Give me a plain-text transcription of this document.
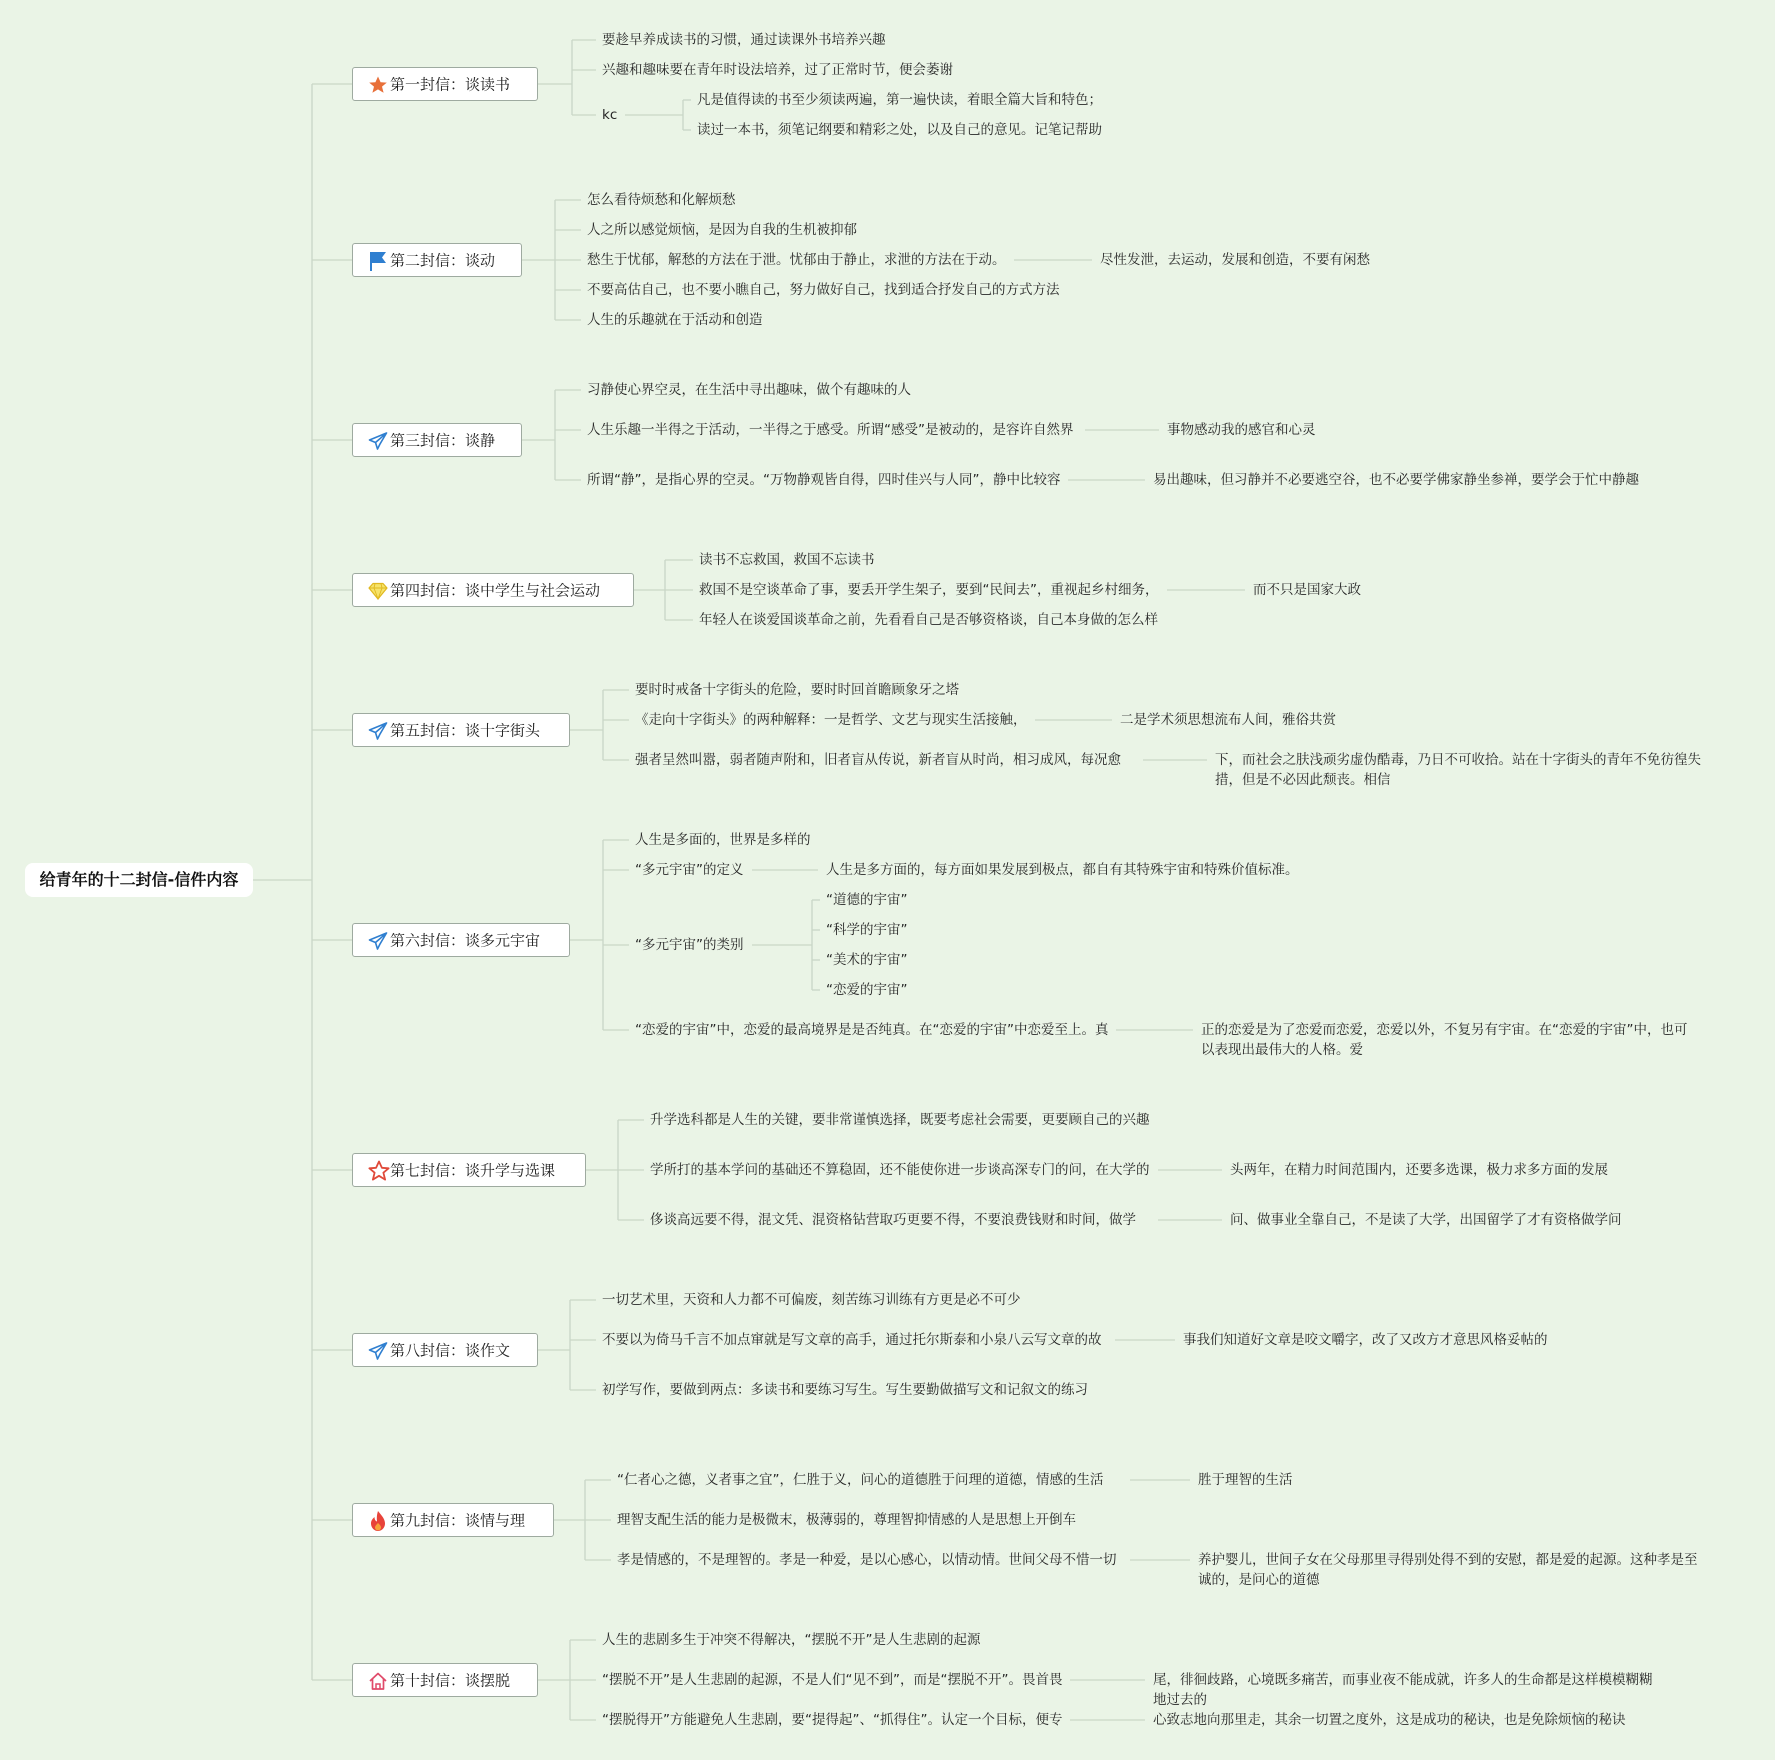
给青年的十二封信-信件内容
第一封信：谈读书
要趁早养成读书的习惯，通过读课外书培养兴趣
兴趣和趣味要在青年时设法培养，过了正常时节，便会萎谢
kc
凡是值得读的书至少须读两遍，第一遍快读，着眼全篇大旨和特色；
读过一本书，须笔记纲要和精彩之处，以及自己的意见。记笔记帮助
第二封信：谈动
怎么看待烦愁和化解烦愁
人之所以感觉烦恼，是因为自我的生机被抑郁
愁生于忧郁，解愁的方法在于泄。忧郁由于静止，求泄的方法在于动。	尽性发泄，去运动，发展和创造，不要有闲愁
不要高估自己，也不要小瞧自己，努力做好自己，找到适合抒发自己的方式方法
人生的乐趣就在于活动和创造
第三封信：谈静
习静使心界空灵，在生活中寻出趣味，做个有趣味的人
人生乐趣一半得之于活动，一半得之于感受。所谓“感受”是被动的，是容许自然界	事物感动我的感官和心灵
所谓“静”，是指心界的空灵。“万物静观皆自得，四时佳兴与人同”，静中比较容	易出趣味，但习静并不必要逃空谷，也不必要学佛家静坐参禅，要学会于忙中静趣
第四封信：谈中学生与社会运动
读书不忘救国，救国不忘读书
救国不是空谈革命了事，要丢开学生架子，要到“民间去”，重视起乡村细务，	而不只是国家大政
年轻人在谈爱国谈革命之前，先看看自己是否够资格谈，自己本身做的怎么样
第五封信：谈十字街头
要时时戒备十字街头的危险，要时时回首瞻顾象牙之塔
《走向十字街头》的两种解释：一是哲学、文艺与现实生活接触，	二是学术须思想流布人间，雅俗共赏
强者呈然叫嚣，弱者随声附和，旧者盲从传说，新者盲从时尚，相习成风，每况愈	下，而社会之肤浅顽劣虚伪酷毒，乃日不可收拾。站在十字街头的青年不免彷徨失 措，但是不必因此颓丧。相信
第六封信：谈多元宇宙
人生是多面的，世界是多样的
“多元宇宙”的定义	人生是多方面的，每方面如果发展到极点，都自有其特殊宇宙和特殊价值标准。
“多元宇宙”的类别
“道德的宇宙”
“科学的宇宙”
“美术的宇宙”
“恋爱的宇宙”
“恋爱的宇宙”中，恋爱的最高境界是是否纯真。在“恋爱的宇宙”中恋爱至上。真	正的恋爱是为了恋爱而恋爱，恋爱以外，不复另有宇宙。在“恋爱的宇宙”中，也可 以表现出最伟大的人格。爱
第七封信：谈升学与选课
升学选科都是人生的关键，要非常谨慎选择，既要考虑社会需要，更要顾自己的兴趣
学所打的基本学问的基础还不算稳固，还不能使你进一步谈高深专门的问，在大学的	头两年，在精力时间范围内，还要多选课，极力求多方面的发展
侈谈高远要不得，混文凭、混资格钻营取巧更要不得，不要浪费钱财和时间，做学	问、做事业全靠自己，不是读了大学，出国留学了才有资格做学问
第八封信：谈作文
一切艺术里，天资和人力都不可偏废，刻苦练习训练有方更是必不可少
不要以为倚马千言不加点窜就是写文章的高手，通过托尔斯泰和小泉八云写文章的故	事我们知道好文章是咬文嚼字，改了又改方才意思风格妥帖的
初学写作，要做到两点：多读书和要练习写生。写生要勤做描写文和记叙文的练习
第九封信：谈情与理
“仁者心之德，义者事之宜”，仁胜于义，问心的道德胜于问理的道德，情感的生活	胜于理智的生活
理智支配生活的能力是极微末，极薄弱的，尊理智抑情感的人是思想上开倒车
孝是情感的，不是理智的。孝是一种爱，是以心感心，以情动情。世间父母不惜一切	养护婴儿，世间子女在父母那里寻得别处得不到的安慰，都是爱的起源。这种孝是至 诚的，是问心的道德
第十封信：谈摆脱
人生的悲剧多生于冲突不得解决，“摆脱不开”是人生悲剧的起源
“摆脱不开”是人生悲剧的起源，不是人们“见不到”，而是“摆脱不开”。畏首畏	尾，徘徊歧路，心境既多痛苦，而事业夜不能成就，许多人的生命都是这样模模糊糊 地过去的
“摆脱得开”方能避免人生悲剧，要“提得起”、“抓得住”。认定一个目标，便专	心致志地向那里走，其余一切置之度外，这是成功的秘诀，也是免除烦恼的秘诀
